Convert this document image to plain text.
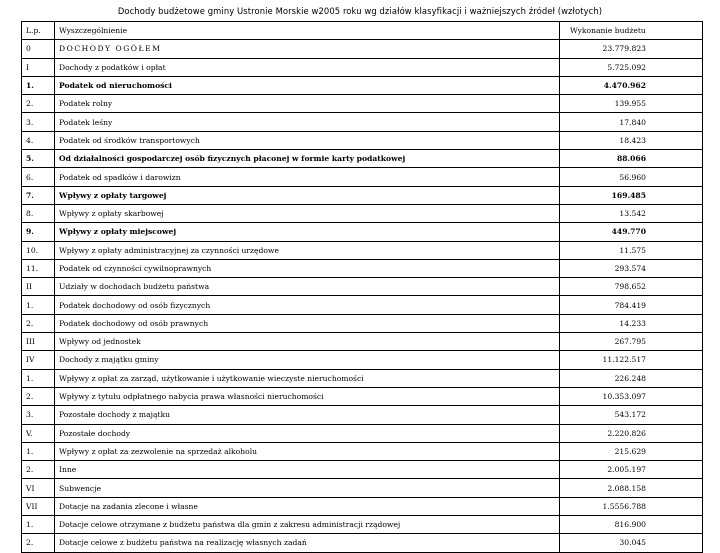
Dochody budżetowe gminy Ustronie Morskie w2005 roku wg działów klasyfikacji i ważniejszych źródeł (wzłotych)
L.p.	Wyszczególnienie	Wykonanie budżetu
0	DOCHODY OGÓŁEM	23.779.823
I	Dochody z podatków i opłat	5.725.092
1.	Podatek od nieruchomości	4.470.962
2.	Podatek rolny	139.955
3.	Podatek leśny	17.840
4.	Podatek od środków transportowych	18.423
5.	Od działalności gospodarczej osób fizycznych płaconej w formie karty podatkowej	88.066
6.	Podatek od spadków i darowizn	56.960
7.	Wpływy z opłaty targowej	169.485
8.	Wpływy z opłaty skarbowej	13.542
9.	Wpływy z opłaty miejscowej	449.770
10.	Wpływy z opłaty administracyjnej za czynności urzędowe	11.575
11.	Podatek od czynności cywilnoprawnych	293.574
II	Udziały w dochodach budżetu państwa	798.652
1.	Podatek dochodowy od osób fizycznych	784.419
2.	Podatek dochodowy od osób prawnych	14.233
III	Wpływy od jednostek	267.795
IV	Dochody z majątku gminy	11.122.517
1.	Wpływy z opłat za zarząd, użytkowanie i użytkowanie wieczyste nieruchomości	226.248
2.	Wpływy z tytułu odpłatnego nabycia prawa własności nieruchomości	10.353.097
3.	Pozostałe dochody z majątku	543.172
V.	Pozostałe dochody	2.220.826
1.	Wpływy z opłat za zezwolenie na sprzedaż alkoholu	215.629
2.	Inne	2.005.197
VI	Subwencje	2.088.158
VII	Dotacje na zadania zlecone i własne	1.5556.788
1.	Dotacje celowe otrzymane z budżetu państwa dla gmin z zakresu administracji rządowej	816.900
2.	Dotacje celowe z budżetu państwa na realizację własnych zadań	30.045
